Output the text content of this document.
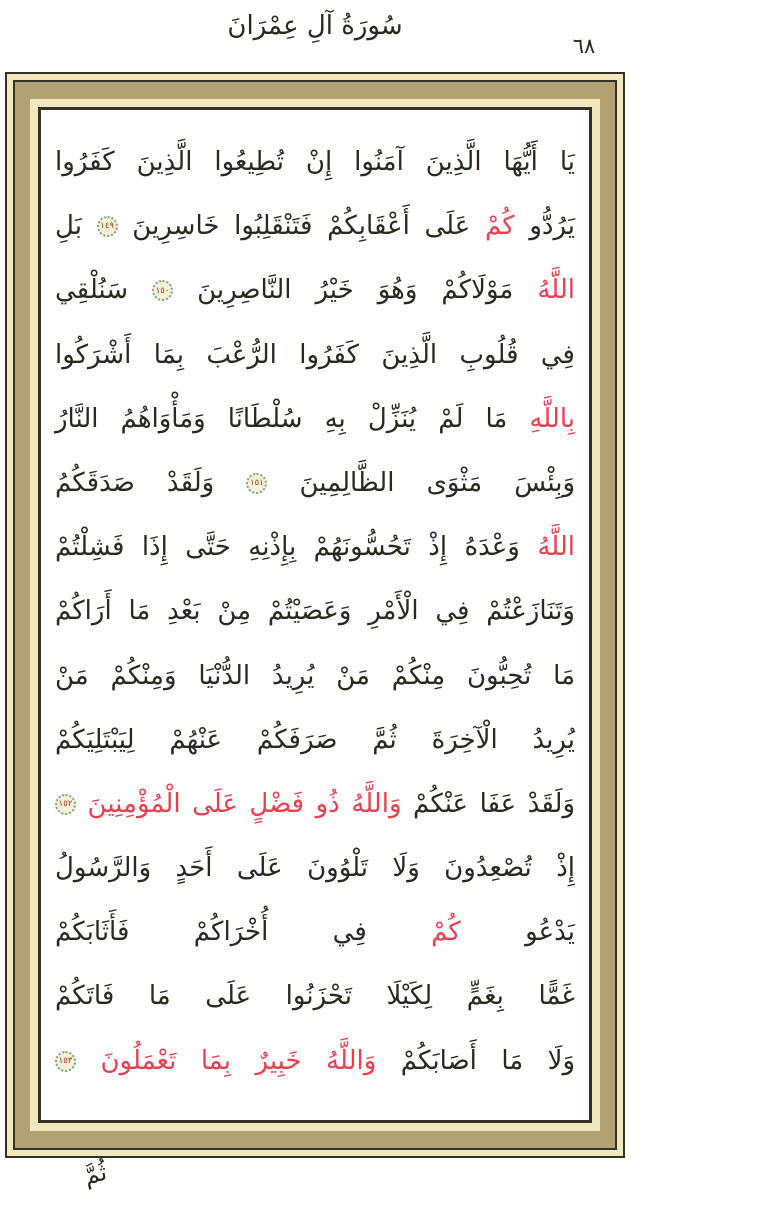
سُورَةُ آلِ عِمْرَانَ
٦٨
يَا أَيُّهَا الَّذِينَ آمَنُوا إِنْ تُطِيعُوا الَّذِينَ كَفَرُوا
يَرُدُّو كُمْ عَلَى أَعْقَابِكُمْ فَتَنْقَلِبُوا خَاسِرِينَ
١٤٩
بَلِ
اللَّهُ مَوْلَاكُمْ وَهُوَ خَيْرُ النَّاصِرِينَ
١٥٠
سَنُلْقِي
فِي قُلُوبِ الَّذِينَ كَفَرُوا الرُّعْبَ بِمَا أَشْرَكُوا
بِاللَّهِ مَا لَمْ يُنَزِّلْ بِهِ سُلْطَانًا وَمَأْوَاهُمُ النَّارُ
وَبِئْسَ مَثْوَى الظَّالِمِينَ
١٥١
وَلَقَدْ صَدَقَكُمُ
اللَّهُ وَعْدَهُ إِذْ تَحُسُّونَهُمْ بِإِذْنِهِ حَتَّى إِذَا فَشِلْتُمْ
وَتَنَازَعْتُمْ فِي الْأَمْرِ وَعَصَيْتُمْ مِنْ بَعْدِ مَا أَرَاكُمْ
مَا تُحِبُّونَ مِنْكُمْ مَنْ يُرِيدُ الدُّنْيَا وَمِنْكُمْ مَنْ
يُرِيدُ الْآخِرَةَ ثُمَّ صَرَفَكُمْ عَنْهُمْ لِيَبْتَلِيَكُمْ
وَلَقَدْ عَفَا عَنْكُمْ وَاللَّهُ ذُو فَضْلٍ عَلَى الْمُؤْمِنِينَ
١٥٢
إِذْ تُصْعِدُونَ وَلَا تَلْوُونَ عَلَى أَحَدٍ وَالرَّسُولُ
يَدْعُو كُمْ فِي أُخْرَاكُمْ فَأَثَابَكُمْ
غَمًّا بِغَمٍّ لِكَيْلَا تَحْزَنُوا عَلَى مَا فَاتَكُمْ
وَلَا مَا أَصَابَكُمْ وَاللَّهُ خَبِيرٌ بِمَا تَعْمَلُونَ
١٥٣
ثُمَّ
